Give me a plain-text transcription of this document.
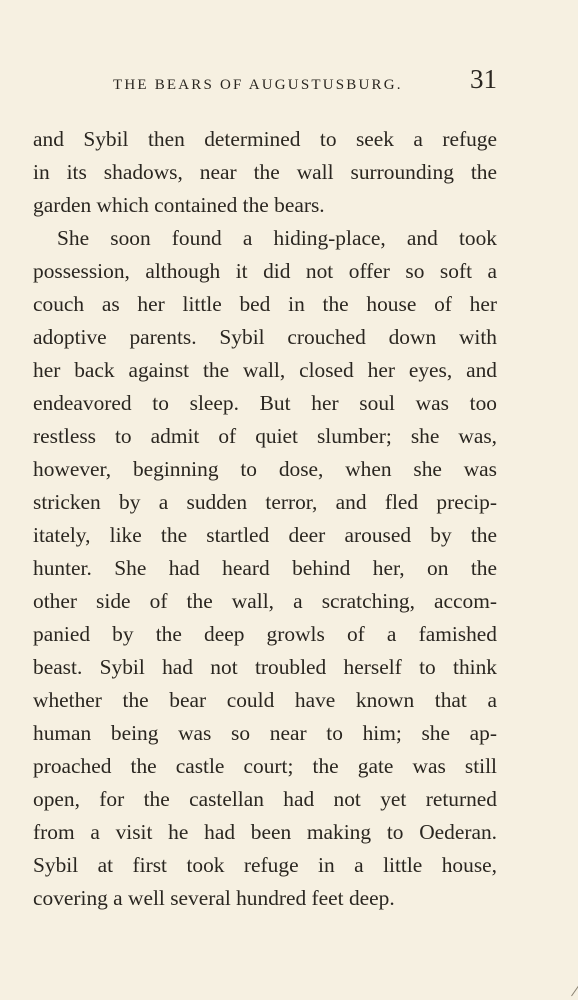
THE BEARS OF AUGUSTUSBURG. 31
and Sybil then determined to seek a refuge
in its shadows, near the wall surrounding the
garden which contained the bears.
She soon found a hiding-place, and took
possession, although it did not offer so soft a
couch as her little bed in the house of her
adoptive parents. Sybil crouched down with
her back against the wall, closed her eyes, and
endeavored to sleep. But her soul was too
restless to admit of quiet slumber; she was,
however, beginning to dose, when she was
stricken by a sudden terror, and fled precip-
itately, like the startled deer aroused by the
hunter. She had heard behind her, on the
other side of the wall, a scratching, accom-
panied by the deep growls of a famished
beast. Sybil had not troubled herself to think
whether the bear could have known that a
human being was so near to him; she ap-
proached the castle court; the gate was still
open, for the castellan had not yet returned
from a visit he had been making to Oederan.
Sybil at first took refuge in a little house,
covering a well several hundred feet deep.
